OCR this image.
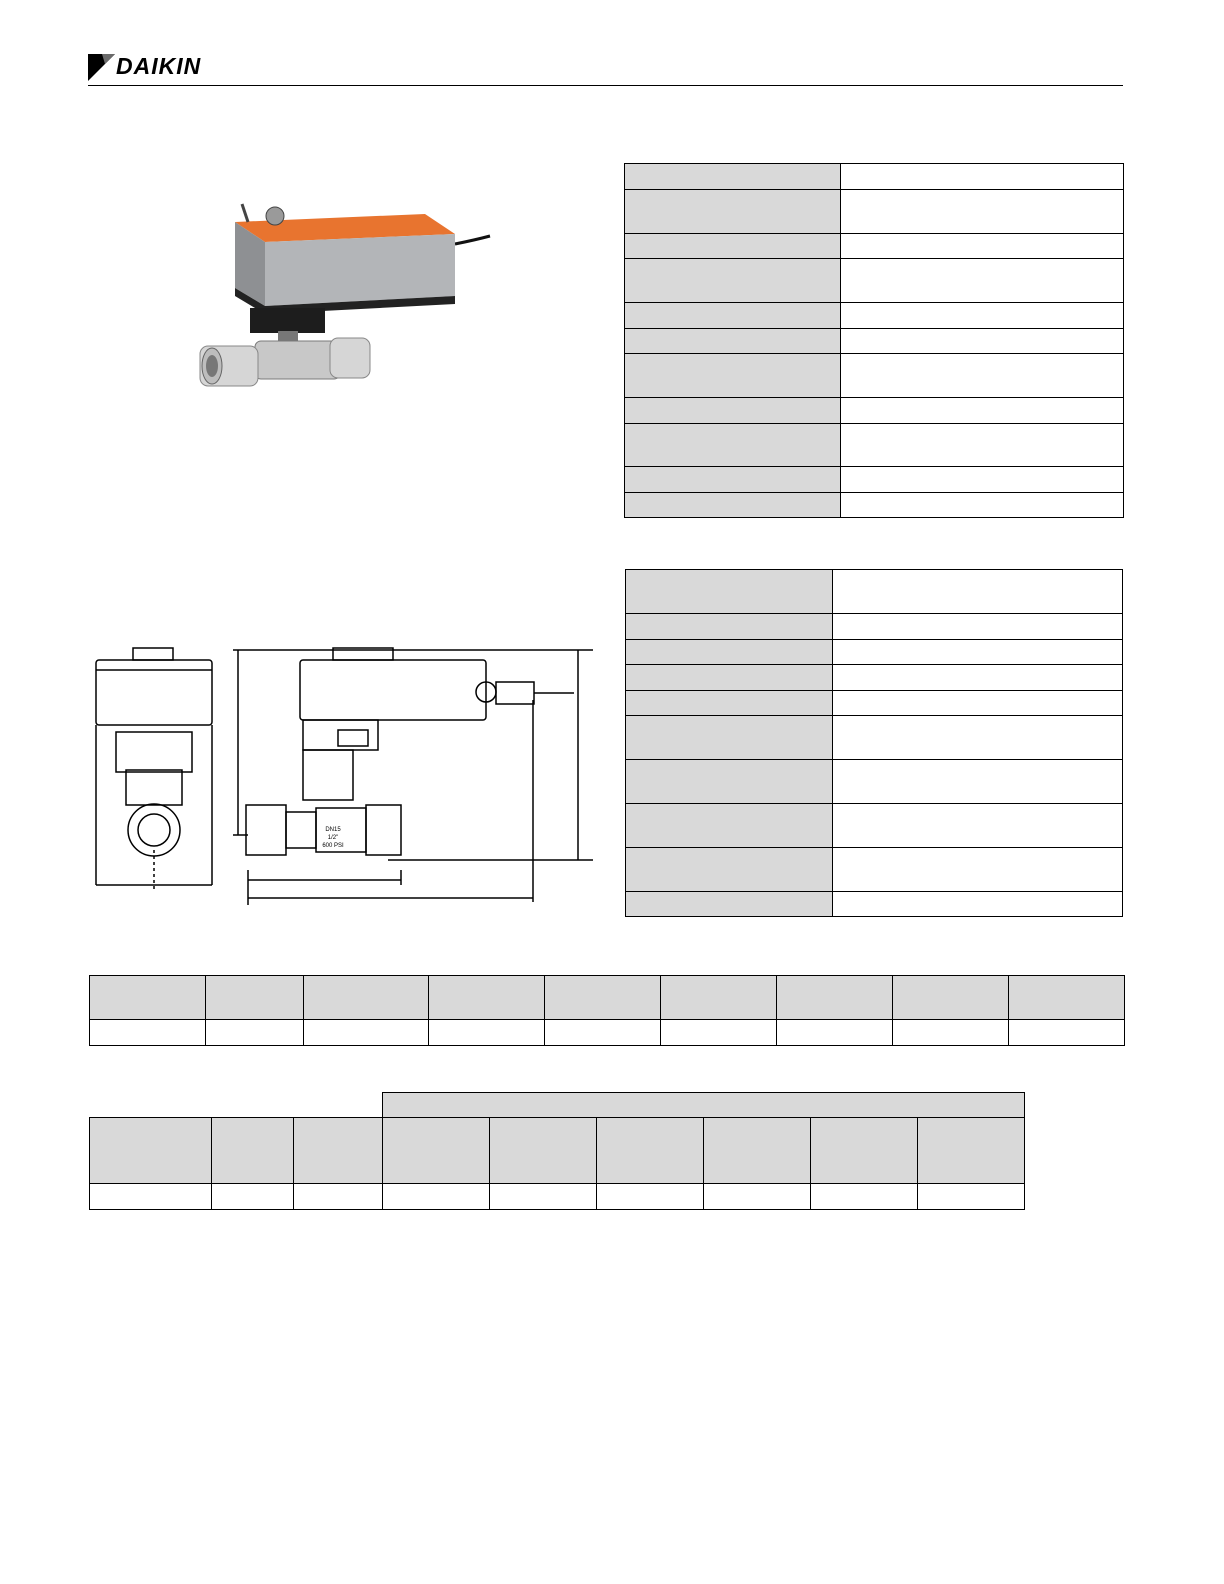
DAIKIN
DN15
1/2"
600 PSI
